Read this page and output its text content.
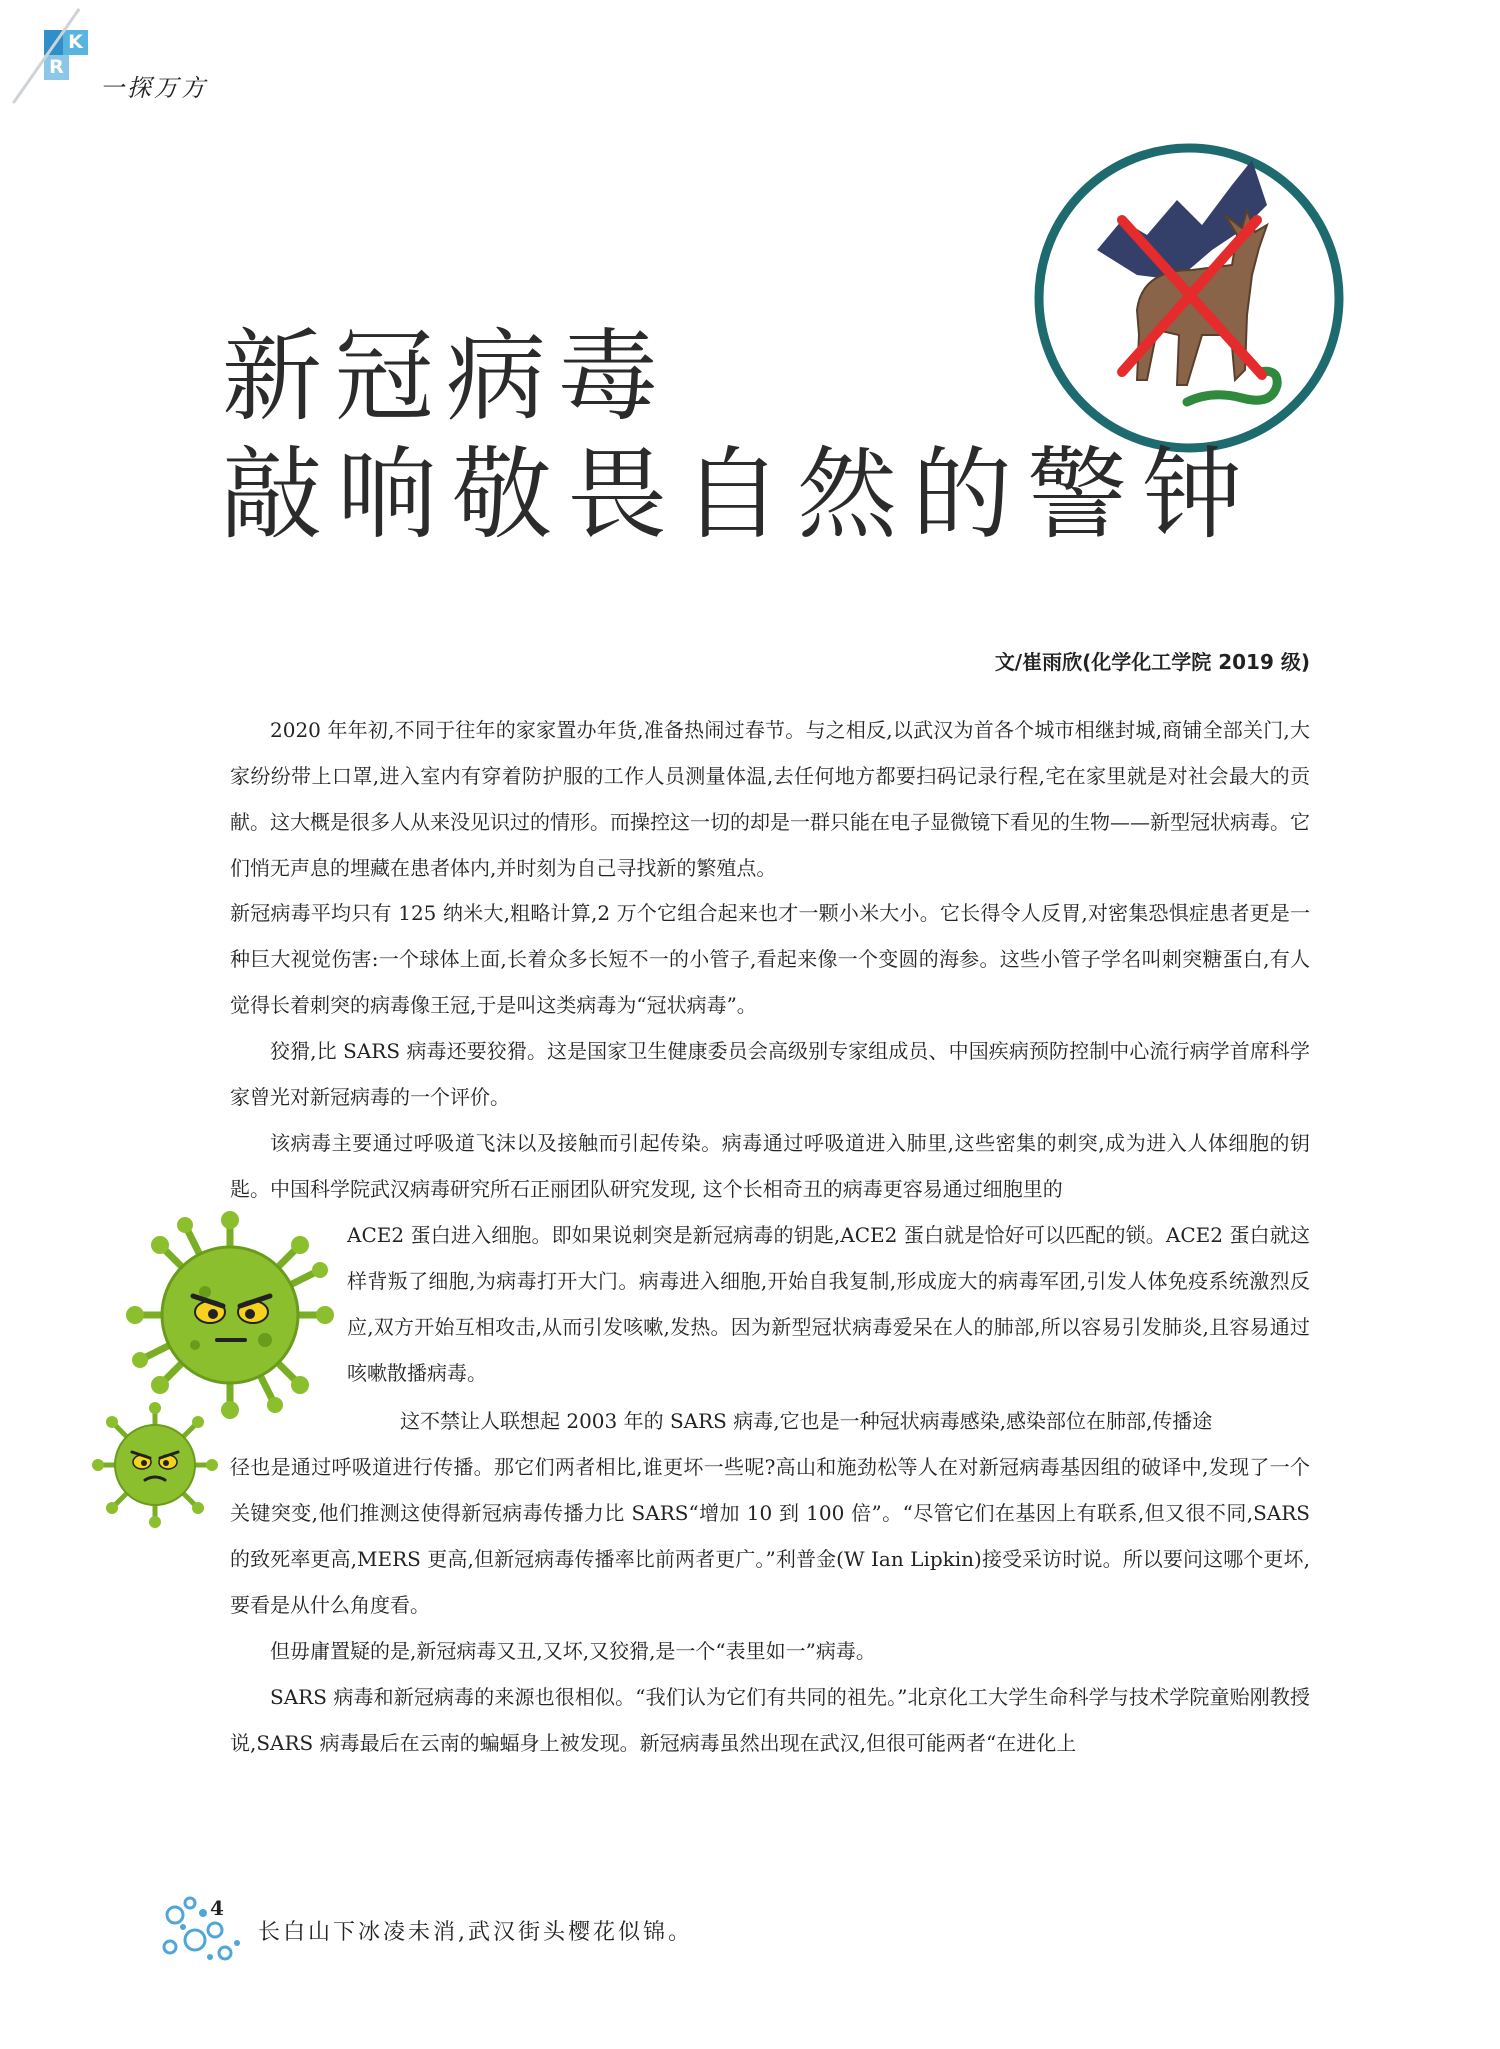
K
R
一探万方
新冠病毒
敲响敬畏自然的警钟
文/崔雨欣(化学化工学院 2019 级)

2020 年年初,不同于往年的家家置办年货,准备热闹过春节。与之相反,以武汉为首各个城市相继封城,商铺全部关门,大家纷纷带上口罩,进入室内有穿着防护服的工作人员测量体温,去任何地方都要扫码记录行程,宅在家里就是对社会最大的贡献。这大概是很多人从来没见识过的情形。而操控这一切的却是一群只能在电子显微镜下看见的生物——新型冠状病毒。它们悄无声息的埋藏在患者体内,并时刻为自己寻找新的繁殖点。

新冠病毒平均只有 125 纳米大,粗略计算,2 万个它组合起来也才一颗小米大小。它长得令人反胃,对密集恐惧症患者更是一种巨大视觉伤害:一个球体上面,长着众多长短不一的小管子,看起来像一个变圆的海参。这些小管子学名叫刺突糖蛋白,有人觉得长着刺突的病毒像王冠,于是叫这类病毒为“冠状病毒”。

狡猾,比 SARS 病毒还要狡猾。这是国家卫生健康委员会高级别专家组成员、中国疾病预防控制中心流行病学首席科学家曾光对新冠病毒的一个评价。

该病毒主要通过呼吸道飞沫以及接触而引起传染。病毒通过呼吸道进入肺里,这些密集的刺突,成为进入人体细胞的钥匙。中国科学院武汉病毒研究所石正丽团队研究发现, 这个长相奇丑的病毒更容易通过细胞里的

ACE2 蛋白进入细胞。即如果说刺突是新冠病毒的钥匙,ACE2 蛋白就是恰好可以匹配的锁。ACE2 蛋白就这样背叛了细胞,为病毒打开大门。病毒进入细胞,开始自我复制,形成庞大的病毒军团,引发人体免疫系统激烈反应,双方开始互相攻击,从而引发咳嗽,发热。因为新型冠状病毒爱呆在人的肺部,所以容易引发肺炎,且容易通过咳嗽散播病毒。

这不禁让人联想起 2003 年的 SARS 病毒,它也是一种冠状病毒感染,感染部位在肺部,传播途

径也是通过呼吸道进行传播。那它们两者相比,谁更坏一些呢?高山和施劲松等人在对新冠病毒基因组的破译中,发现了一个关键突变,他们推测这使得新冠病毒传播力比 SARS“增加 10 到 100 倍”。“尽管它们在基因上有联系,但又很不同,SARS 的致死率更高,MERS 更高,但新冠病毒传播率比前两者更广。”利普金(W Ian Lipkin)接受采访时说。所以要问这哪个更坏,要看是从什么角度看。

但毋庸置疑的是,新冠病毒又丑,又坏,又狡猾,是一个“表里如一”病毒。

SARS 病毒和新冠病毒的来源也很相似。“我们认为它们有共同的祖先。”北京化工大学生命科学与技术学院童贻刚教授说,SARS 病毒最后在云南的蝙蝠身上被发现。新冠病毒虽然出现在武汉,但很可能两者“在进化上

4
长白山下冰凌未消,武汉街头樱花似锦。
